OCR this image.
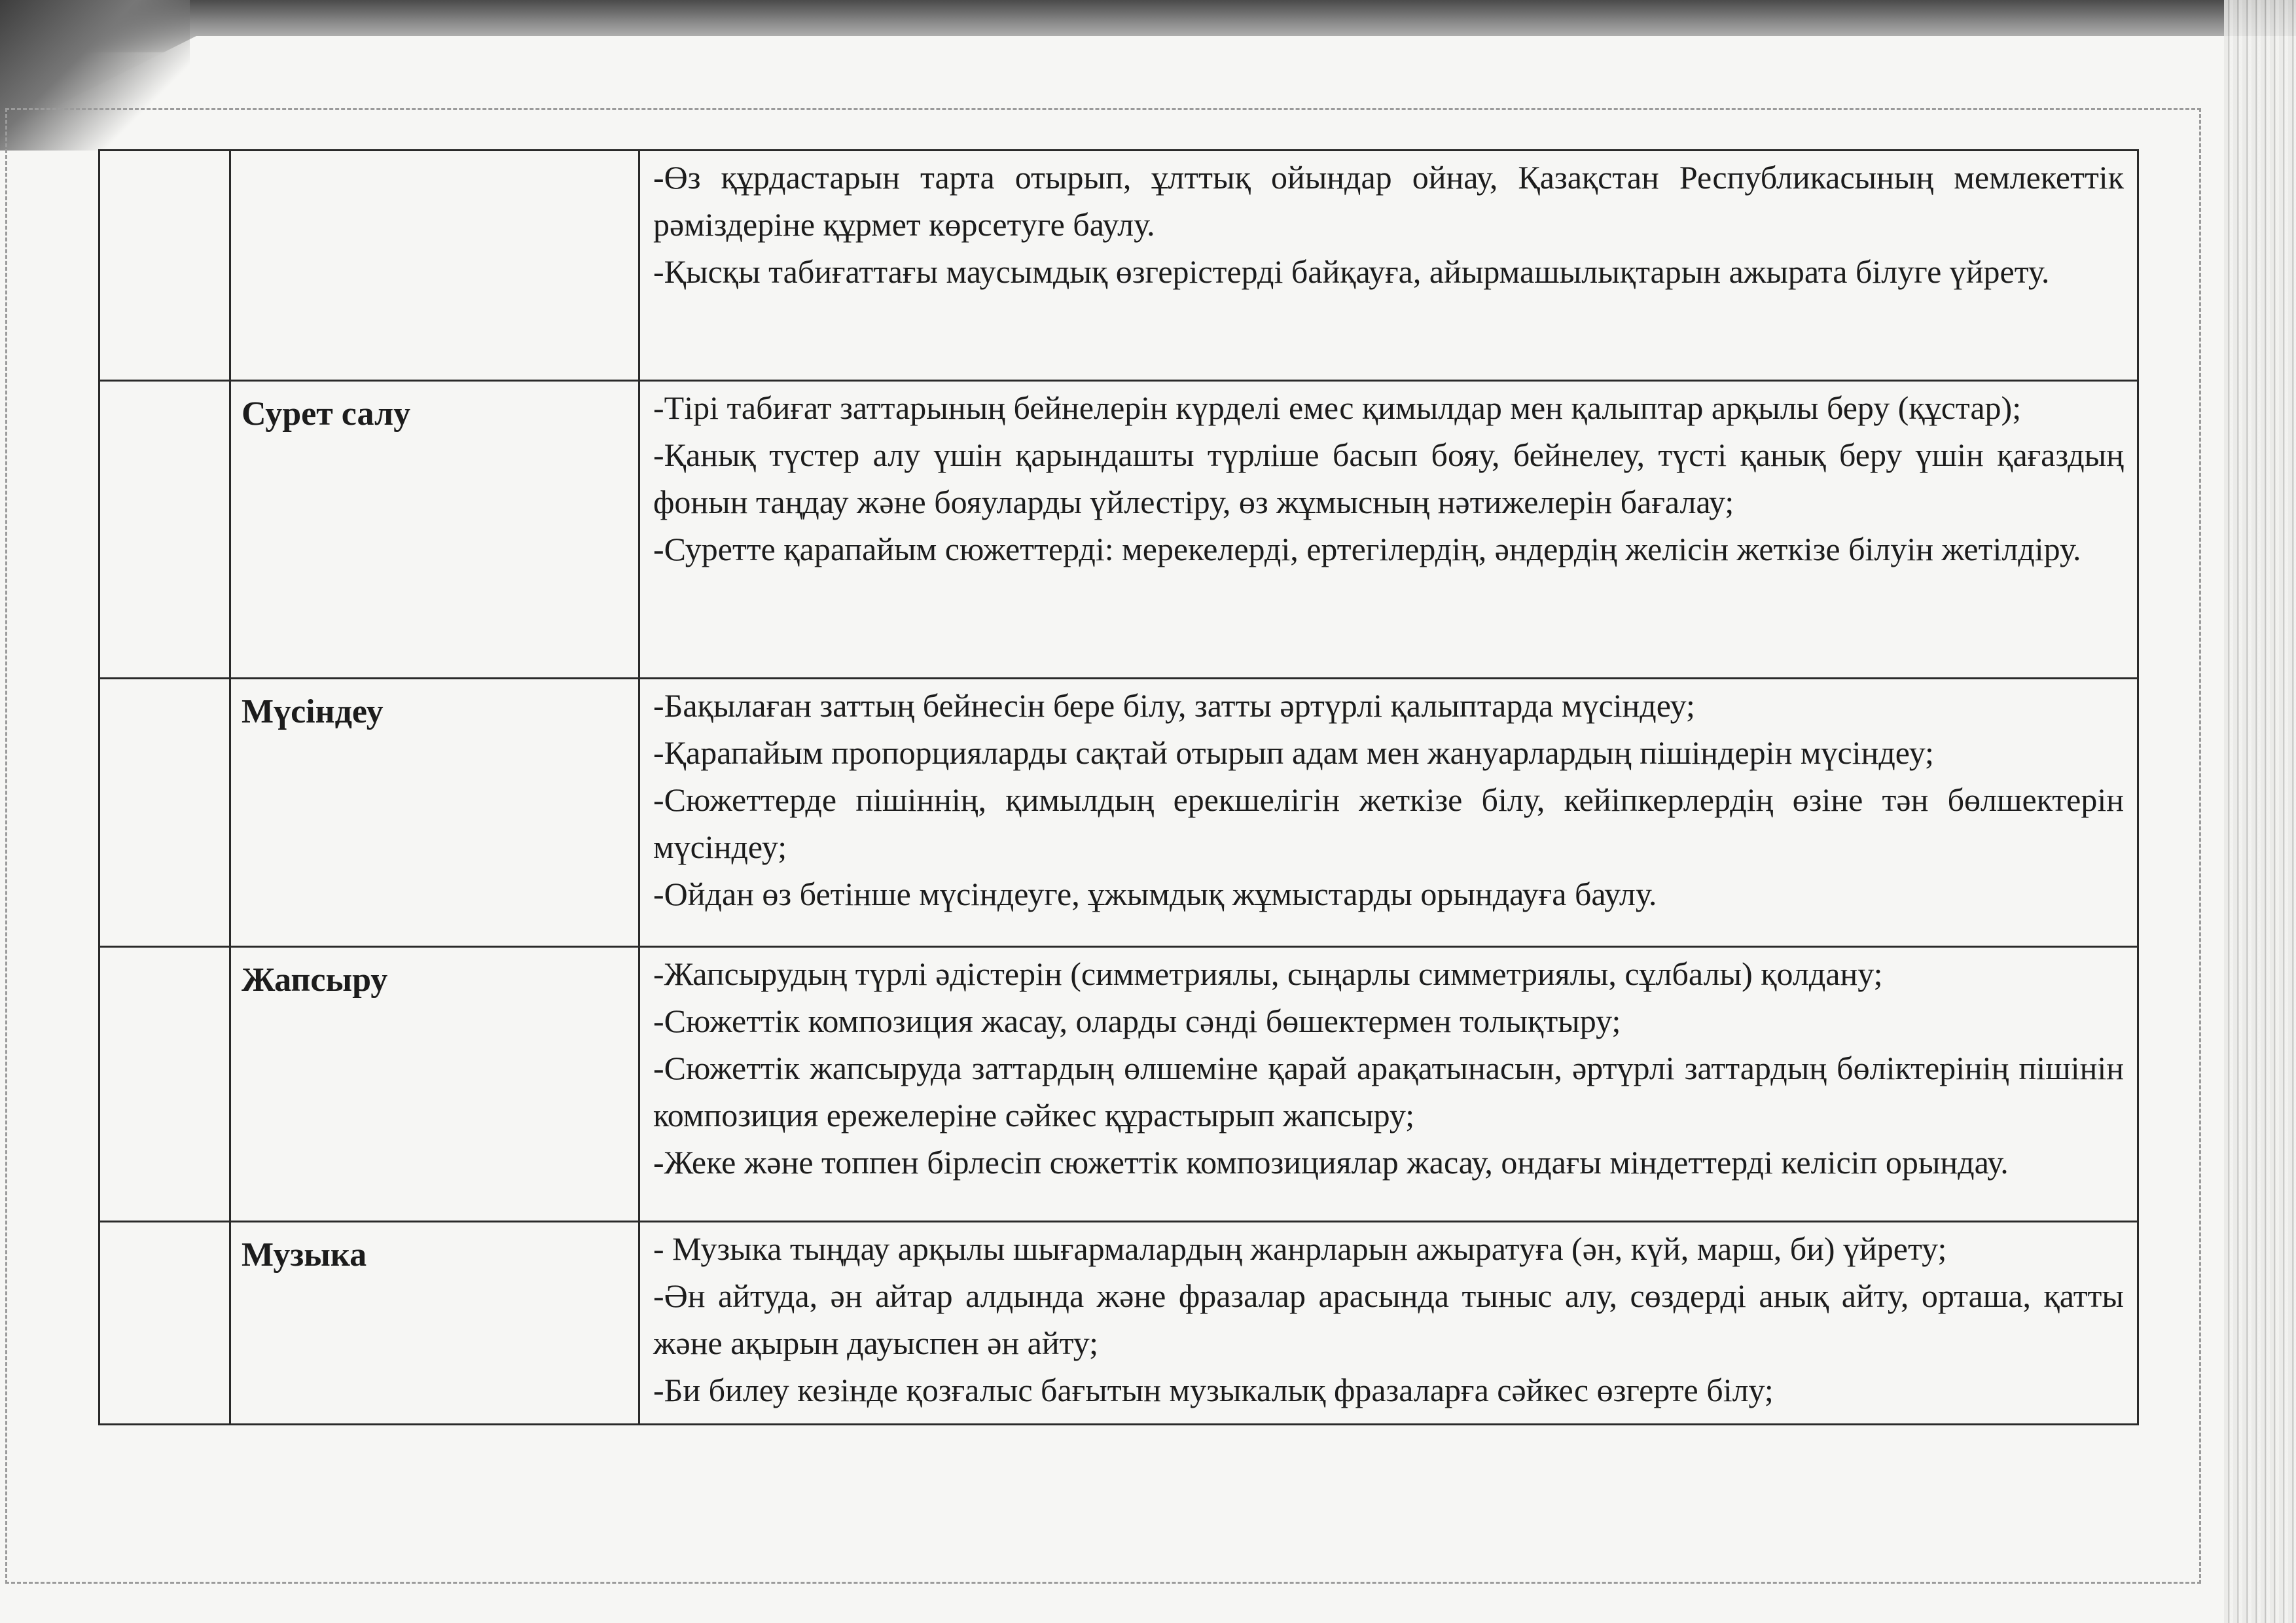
		-Өз құрдастарын тарта отырып, ұлттық ойындар ойнау, Қазақстан Республикасының мемлекеттік рәміздеріне құрмет көрсетуге баулу.
-Қысқы табиғаттағы маусымдық өзгерістерді байқауға, айырмашылықтарын ажырата білуге үйрету.

	Сурет салу	-Тірі табиғат заттарының бейнелерін күрделі емес қимылдар мен қалыптар арқылы беру (құстар);
-Қанық түстер алу үшін қарындашты түрліше басып бояу, бейнелеу, түсті қанық беру үшін қағаздың фонын таңдау және бояуларды үйлестіру, өз жұмысның нәтижелерін бағалау;
-Суретте қарапайым сюжеттерді: мерекелерді, ертегілердің, әндердің желісін жеткізе білуін жетілдіру.

	Мүсіндеу	-Бақылаған заттың бейнесін бере білу, затты әртүрлі қалыптарда мүсіндеу;
-Қарапайым пропорцияларды сақтай отырып адам мен жануарлардың пішіндерін мүсіндеу;
-Сюжеттерде пішіннің, қимылдың ерекшелігін жеткізе білу, кейіпкерлердің өзіне тән бөлшектерін мүсіндеу;
-Ойдан өз бетінше мүсіндеуге, ұжымдық жұмыстарды орындауға баулу.

	Жапсыру	-Жапсырудың түрлі әдістерін (симметриялы, сыңарлы симметриялы, сұлбалы) қолдану;
-Сюжеттік композиция жасау, оларды сәнді бөшектермен толықтыру;
-Сюжеттік жапсыруда заттардың өлшеміне қарай арақатынасын, әртүрлі заттардың бөліктерінің пішінін композиция ережелеріне сәйкес құрастырып жапсыру;
-Жеке және топпен бірлесіп сюжеттік композициялар жасау, ондағы міндеттерді келісіп орындау.

	Музыка	- Музыка тыңдау арқылы шығармалардың жанрларын ажыратуға (ән, күй, марш, би) үйрету;
-Ән айтуда, ән айтар алдында және фразалар арасында тыныс алу, сөздерді анық айту, орташа, қатты және ақырын дауыспен ән айту;
-Би билеу кезінде қозғалыс бағытын музыкалық фразаларға сәйкес өзгерте білу;
